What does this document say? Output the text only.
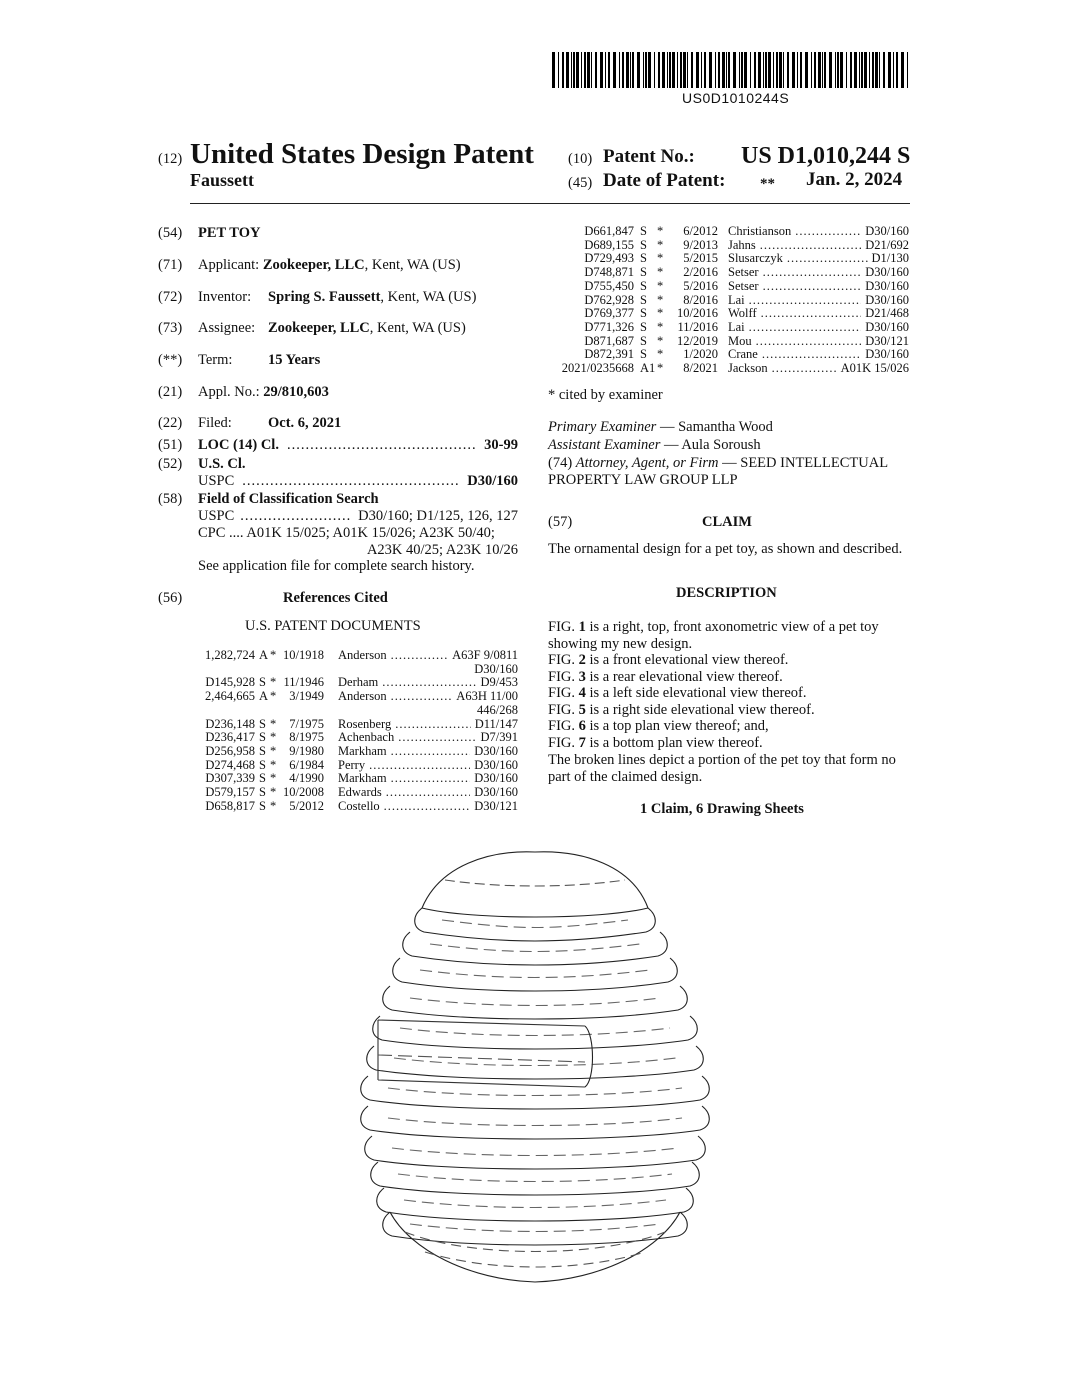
US0D1010244S
(12) United States Design Patent
Faussett
(10) Patent No.: US D1,010,244 S
(45) Date of Patent: ** Jan. 2, 2024
(54) PET TOY
(71) Applicant: Zookeeper, LLC, Kent, WA (US)
(72) Inventor: Spring S. Faussett, Kent, WA (US)
(73) Assignee: Zookeeper, LLC, Kent, WA (US)
(**) Term: 15 Years
(21) Appl. No.: 29/810,603
(22) Filed: Oct. 6, 2021
(51) LOC (14) Cl. .....	30-99
(52) U.S. Cl.
USPC .....	D30/160
(58) Field of Classification Search
USPC .....	D30/160; D1/125, 126, 127
CPC .... A01K 15/025; A01K 15/026; A23K 50/40;
A23K 40/25; A23K 10/26
See application file for complete search history.
(56)	References Cited
U.S. PATENT DOCUMENTS
1,282,724 A * 10/1918 Anderson .....	A63F 9/0811
D30/160
D145,928 S * 11/1946 Derham .....	D9/453
2,464,665 A *	3/1949 Anderson .....	A63H 11/00
446/268
D236,148 S *	7/1975 Rosenberg .....	D11/147
D236,417 S *	8/1975 Achenbach .....	D7/391
D256,958 S *	9/1980 Markham .....	D30/160
D274,468 S *	6/1984 Perry .....	D30/160
D307,339 S *	4/1990 Markham .....	D30/160
D579,157 S * 10/2008 Edwards .....	D30/160
D658,817 S *	5/2012 Costello .....	D30/121
D661,847 S *	6/2012 Christianson .....	D30/160
D689,155 S *	9/2013 Jahns .....	D21/692
D729,493 S *	5/2015 Slusarczyk .....	D1/130
D748,871 S *	2/2016 Setser .....	D30/160
D755,450 S *	5/2016 Setser .....	D30/160
D762,928 S *	8/2016 Lai .....	D30/160
D769,377 S *	10/2016 Wolff .....	D21/468
D771,326 S *	11/2016 Lai .....	D30/160
D871,687 S *	12/2019 Mou .....	D30/121
D872,391 S *	1/2020 Crane .....	D30/160
2021/0235668 A1 *	8/2021 Jackson .....	A01K 15/026
* cited by examiner
Primary Examiner — Samantha Wood
Assistant Examiner — Aula Soroush
(74) Attorney, Agent, or Firm — SEED INTELLECTUAL
PROPERTY LAW GROUP LLP
(57)	CLAIM
The ornamental design for a pet toy, as shown and described.
DESCRIPTION
FIG. 1 is a right, top, front axonometric view of a pet toy
showing my new design.
FIG. 2 is a front elevational view thereof.
FIG. 3 is a rear elevational view thereof.
FIG. 4 is a left side elevational view thereof.
FIG. 5 is a right side elevational view thereof.
FIG. 6 is a top plan view thereof; and,
FIG. 7 is a bottom plan view thereof.
The broken lines depict a portion of the pet toy that form no
part of the claimed design.
1 Claim, 6 Drawing Sheets
